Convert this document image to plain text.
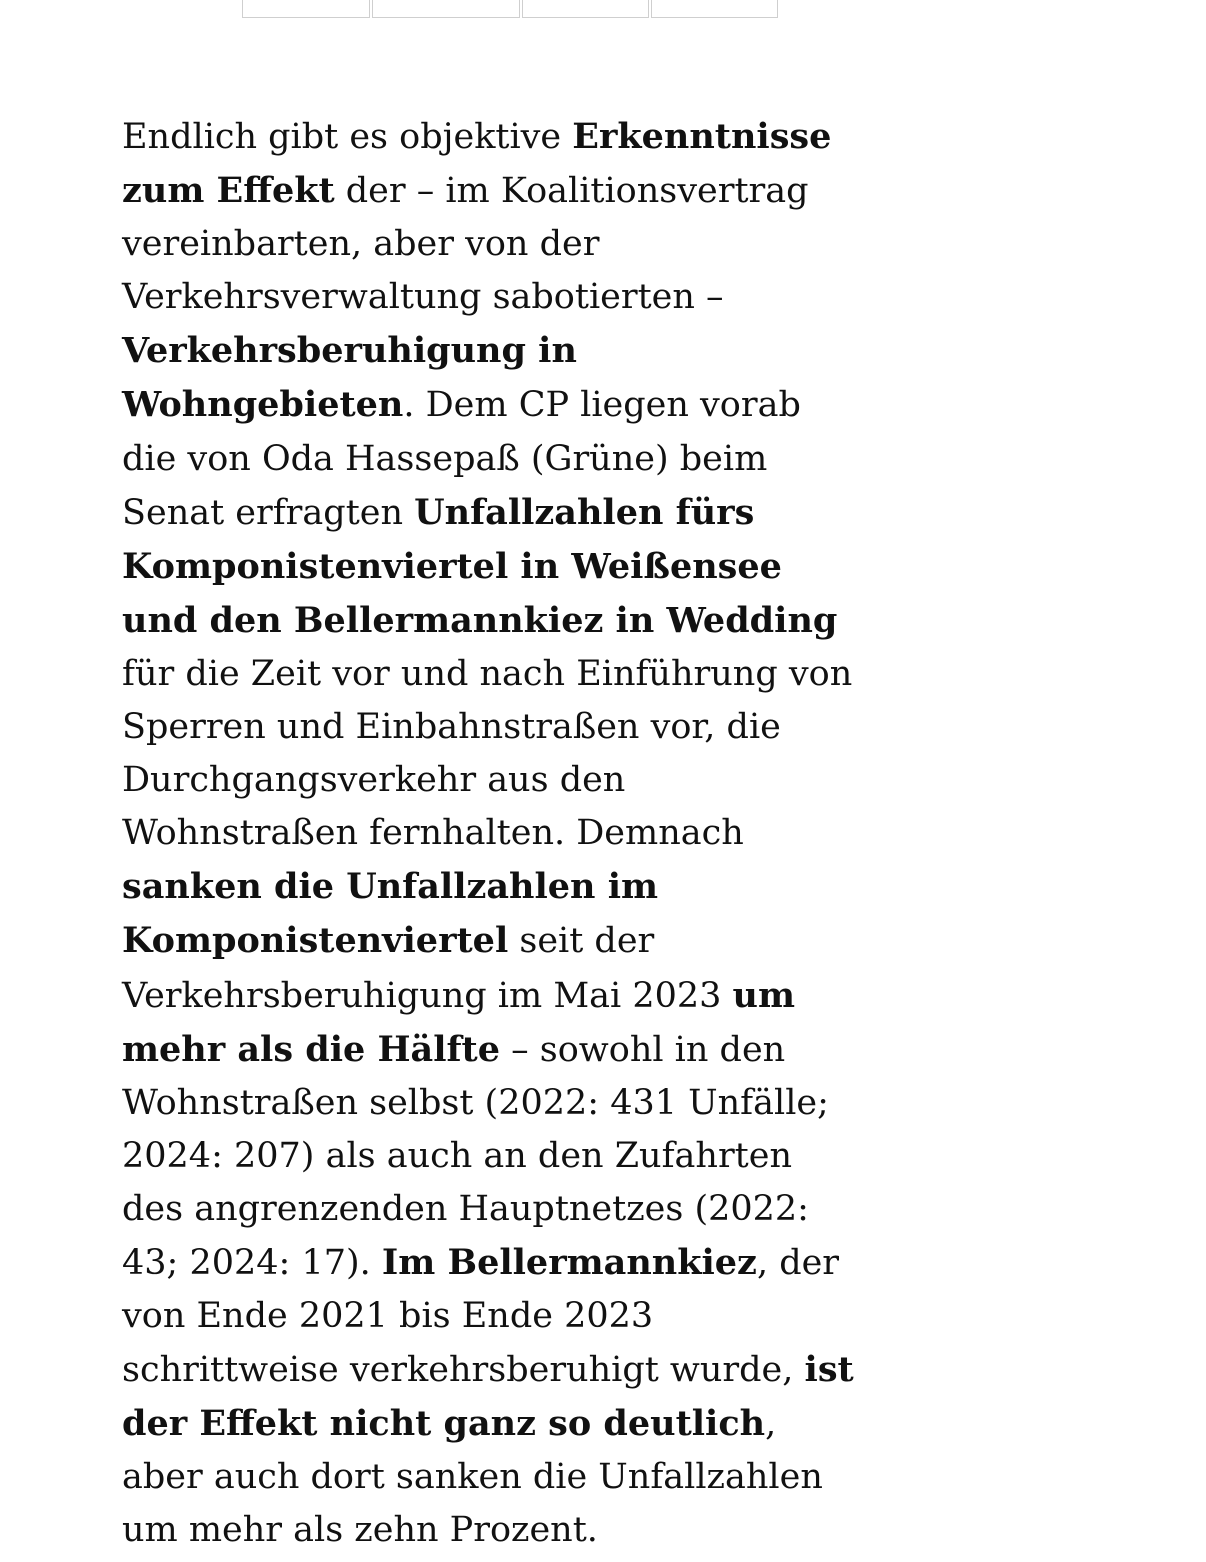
Endlich gibt es objektive Erkenntnisse zum Effekt der – im Koalitionsvertrag vereinbarten, aber von der Verkehrsverwaltung sabotierten – Verkehrsberuhigung in Wohngebieten. Dem CP liegen vorab die von Oda Hassepaß (Grüne) beim Senat erfragten Unfallzahlen fürs Komponistenviertel in Weißensee und den Bellermannkiez in Wedding für die Zeit vor und nach Einführung von Sperren und Einbahnstraßen vor, die Durchgangsverkehr aus den Wohnstraßen fernhalten. Demnach sanken die Unfallzahlen im Komponistenviertel seit der Verkehrsberuhigung im Mai 2023 um mehr als die Hälfte – sowohl in den Wohnstraßen selbst (2022: 431 Unfälle; 2024: 207) als auch an den Zufahrten des angrenzenden Hauptnetzes (2022: 43; 2024: 17). Im Bellermannkiez, der von Ende 2021 bis Ende 2023 schrittweise verkehrsberuhigt wurde, ist der Effekt nicht ganz so deutlich, aber auch dort sanken die Unfallzahlen um mehr als zehn Prozent.
